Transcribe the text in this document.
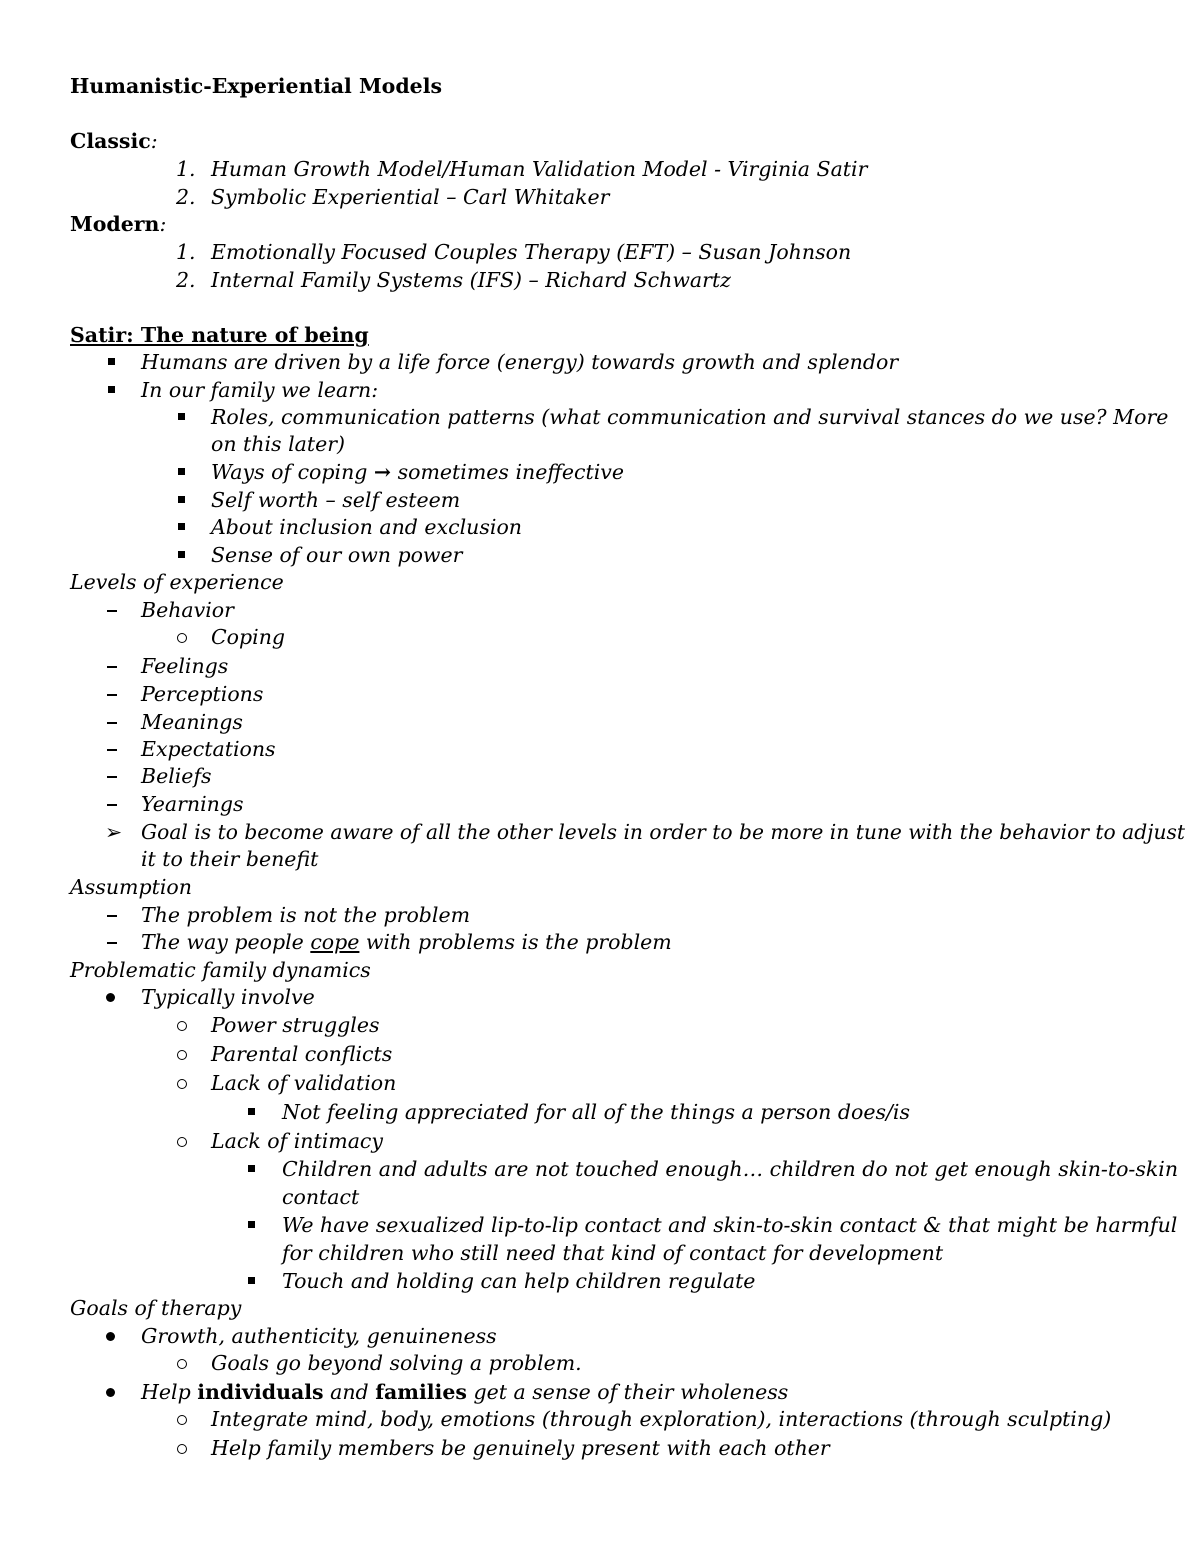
Humanistic-Experiential Models
Classic:
1. Human Growth Model/Human Validation Model - Virginia Satir
2. Symbolic Experiential – Carl Whitaker
Modern:
1. Emotionally Focused Couples Therapy (EFT) – Susan Johnson
2. Internal Family Systems (IFS) – Richard Schwartz
Satir: The nature of being
Humans are driven by a life force (energy) towards growth and splendor
In our family we learn:
Roles, communication patterns (what communication and survival stances do we use? More
on this later)
Ways of coping → sometimes ineffective
Self worth – self esteem
About inclusion and exclusion
Sense of our own power
Levels of experience
Behavior
Coping
Feelings
Perceptions
Meanings
Expectations
Beliefs
Yearnings
➢ Goal is to become aware of all the other levels in order to be more in tune with the behavior to adjust
it to their benefit
Assumption
The problem is not the problem
The way people cope with problems is the problem
Problematic family dynamics
Typically involve
Power struggles
Parental conflicts
Lack of validation
Not feeling appreciated for all of the things a person does/is
Lack of intimacy
Children and adults are not touched enough… children do not get enough skin-to-skin
contact
We have sexualized lip-to-lip contact and skin-to-skin contact & that might be harmful
for children who still need that kind of contact for development
Touch and holding can help children regulate
Goals of therapy
Growth, authenticity, genuineness
Goals go beyond solving a problem.
Help individuals and families get a sense of their wholeness
Integrate mind, body, emotions (through exploration), interactions (through sculpting)
Help family members be genuinely present with each other
